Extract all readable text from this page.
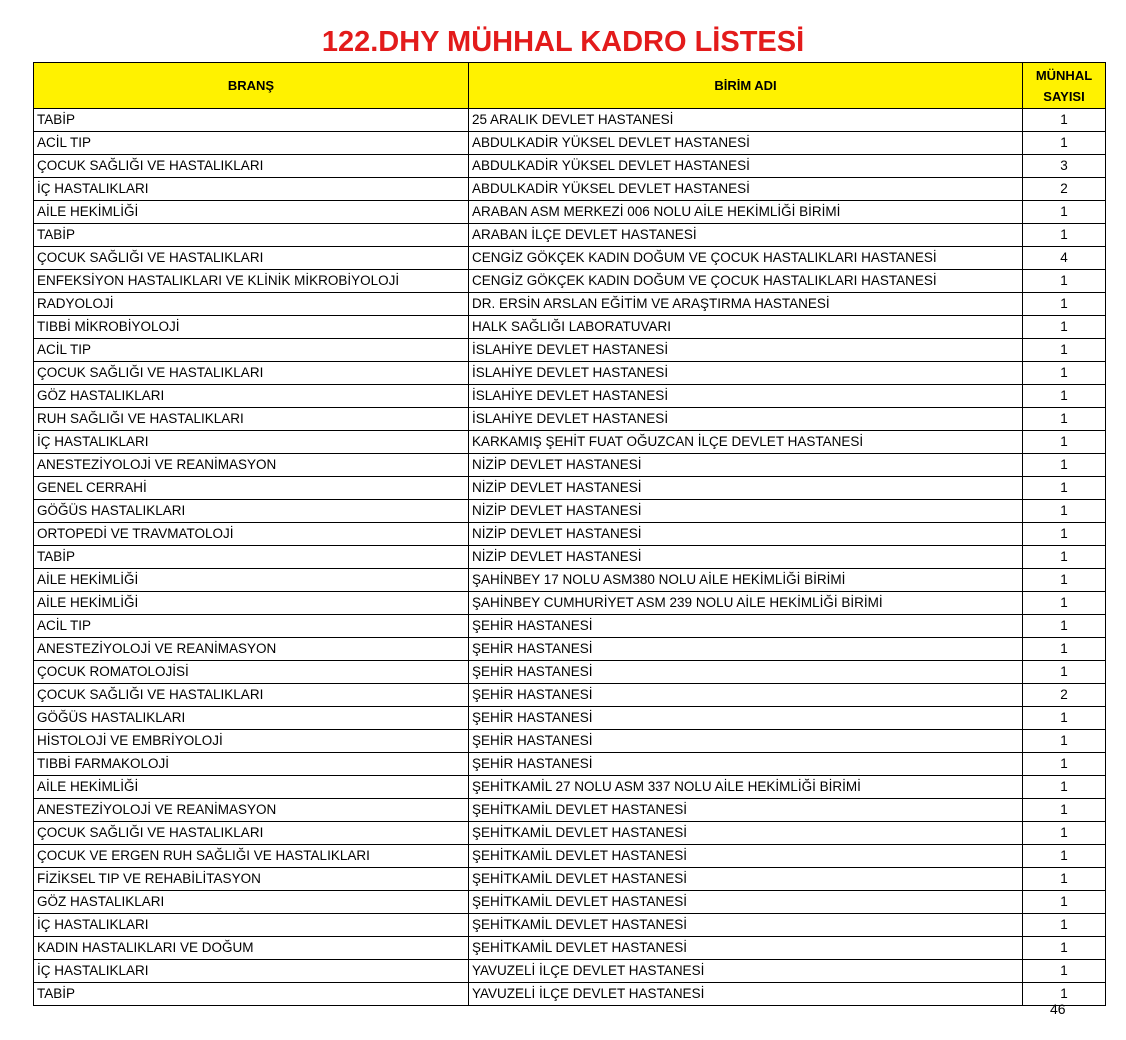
122.DHY MÜHHAL KADRO LİSTESİ
BRANŞ	BİRİM ADI	MÜNHAL
SAYISI

TABİP	25 ARALIK DEVLET HASTANESİ	1
ACİL TIP	ABDULKADİR YÜKSEL DEVLET HASTANESİ	1
ÇOCUK SAĞLIĞI VE HASTALIKLARI	ABDULKADİR YÜKSEL DEVLET HASTANESİ	3
İÇ HASTALIKLARI	ABDULKADİR YÜKSEL DEVLET HASTANESİ	2
AİLE HEKİMLİĞİ	ARABAN ASM MERKEZİ 006 NOLU AİLE HEKİMLİĞİ BİRİMİ	1
TABİP	ARABAN İLÇE DEVLET HASTANESİ	1
ÇOCUK SAĞLIĞI VE HASTALIKLARI	CENGİZ GÖKÇEK KADIN DOĞUM VE ÇOCUK HASTALIKLARI HASTANESİ	4
ENFEKSİYON HASTALIKLARI VE KLİNİK MİKROBİYOLOJİ	CENGİZ GÖKÇEK KADIN DOĞUM VE ÇOCUK HASTALIKLARI HASTANESİ	1
RADYOLOJİ	DR. ERSİN ARSLAN EĞİTİM VE ARAŞTIRMA HASTANESİ	1
TIBBİ MİKROBİYOLOJİ	HALK SAĞLIĞI LABORATUVARI	1
ACİL TIP	İSLAHİYE DEVLET HASTANESİ	1
ÇOCUK SAĞLIĞI VE HASTALIKLARI	İSLAHİYE DEVLET HASTANESİ	1
GÖZ HASTALIKLARI	İSLAHİYE DEVLET HASTANESİ	1
RUH SAĞLIĞI VE HASTALIKLARI	İSLAHİYE DEVLET HASTANESİ	1
İÇ HASTALIKLARI	KARKAMIŞ ŞEHİT FUAT OĞUZCAN İLÇE DEVLET HASTANESİ	1
ANESTEZİYOLOJİ VE REANİMASYON	NİZİP DEVLET HASTANESİ	1
GENEL CERRAHİ	NİZİP DEVLET HASTANESİ	1
GÖĞÜS HASTALIKLARI	NİZİP DEVLET HASTANESİ	1
ORTOPEDİ VE TRAVMATOLOJİ	NİZİP DEVLET HASTANESİ	1
TABİP	NİZİP DEVLET HASTANESİ	1
AİLE HEKİMLİĞİ	ŞAHİNBEY 17 NOLU ASM380 NOLU AİLE HEKİMLİĞİ BİRİMİ	1
AİLE HEKİMLİĞİ	ŞAHİNBEY CUMHURİYET ASM 239 NOLU AİLE HEKİMLİĞİ BİRİMİ	1
ACİL TIP	ŞEHİR HASTANESİ	1
ANESTEZİYOLOJİ VE REANİMASYON	ŞEHİR HASTANESİ	1
ÇOCUK ROMATOLOJİSİ	ŞEHİR HASTANESİ	1
ÇOCUK SAĞLIĞI VE HASTALIKLARI	ŞEHİR HASTANESİ	2
GÖĞÜS HASTALIKLARI	ŞEHİR HASTANESİ	1
HİSTOLOJİ VE EMBRİYOLOJİ	ŞEHİR HASTANESİ	1
TIBBİ FARMAKOLOJİ	ŞEHİR HASTANESİ	1
AİLE HEKİMLİĞİ	ŞEHİTKAMİL 27 NOLU ASM 337 NOLU AİLE HEKİMLİĞİ BİRİMİ	1
ANESTEZİYOLOJİ VE REANİMASYON	ŞEHİTKAMİL DEVLET HASTANESİ	1
ÇOCUK SAĞLIĞI VE HASTALIKLARI	ŞEHİTKAMİL DEVLET HASTANESİ	1
ÇOCUK VE ERGEN RUH SAĞLIĞI VE HASTALIKLARI	ŞEHİTKAMİL DEVLET HASTANESİ	1
FİZİKSEL TIP VE REHABİLİTASYON	ŞEHİTKAMİL DEVLET HASTANESİ	1
GÖZ HASTALIKLARI	ŞEHİTKAMİL DEVLET HASTANESİ	1
İÇ HASTALIKLARI	ŞEHİTKAMİL DEVLET HASTANESİ	1
KADIN HASTALIKLARI VE DOĞUM	ŞEHİTKAMİL DEVLET HASTANESİ	1
İÇ HASTALIKLARI	YAVUZELİ İLÇE DEVLET HASTANESİ	1
TABİP	YAVUZELİ İLÇE DEVLET HASTANESİ	1
46
